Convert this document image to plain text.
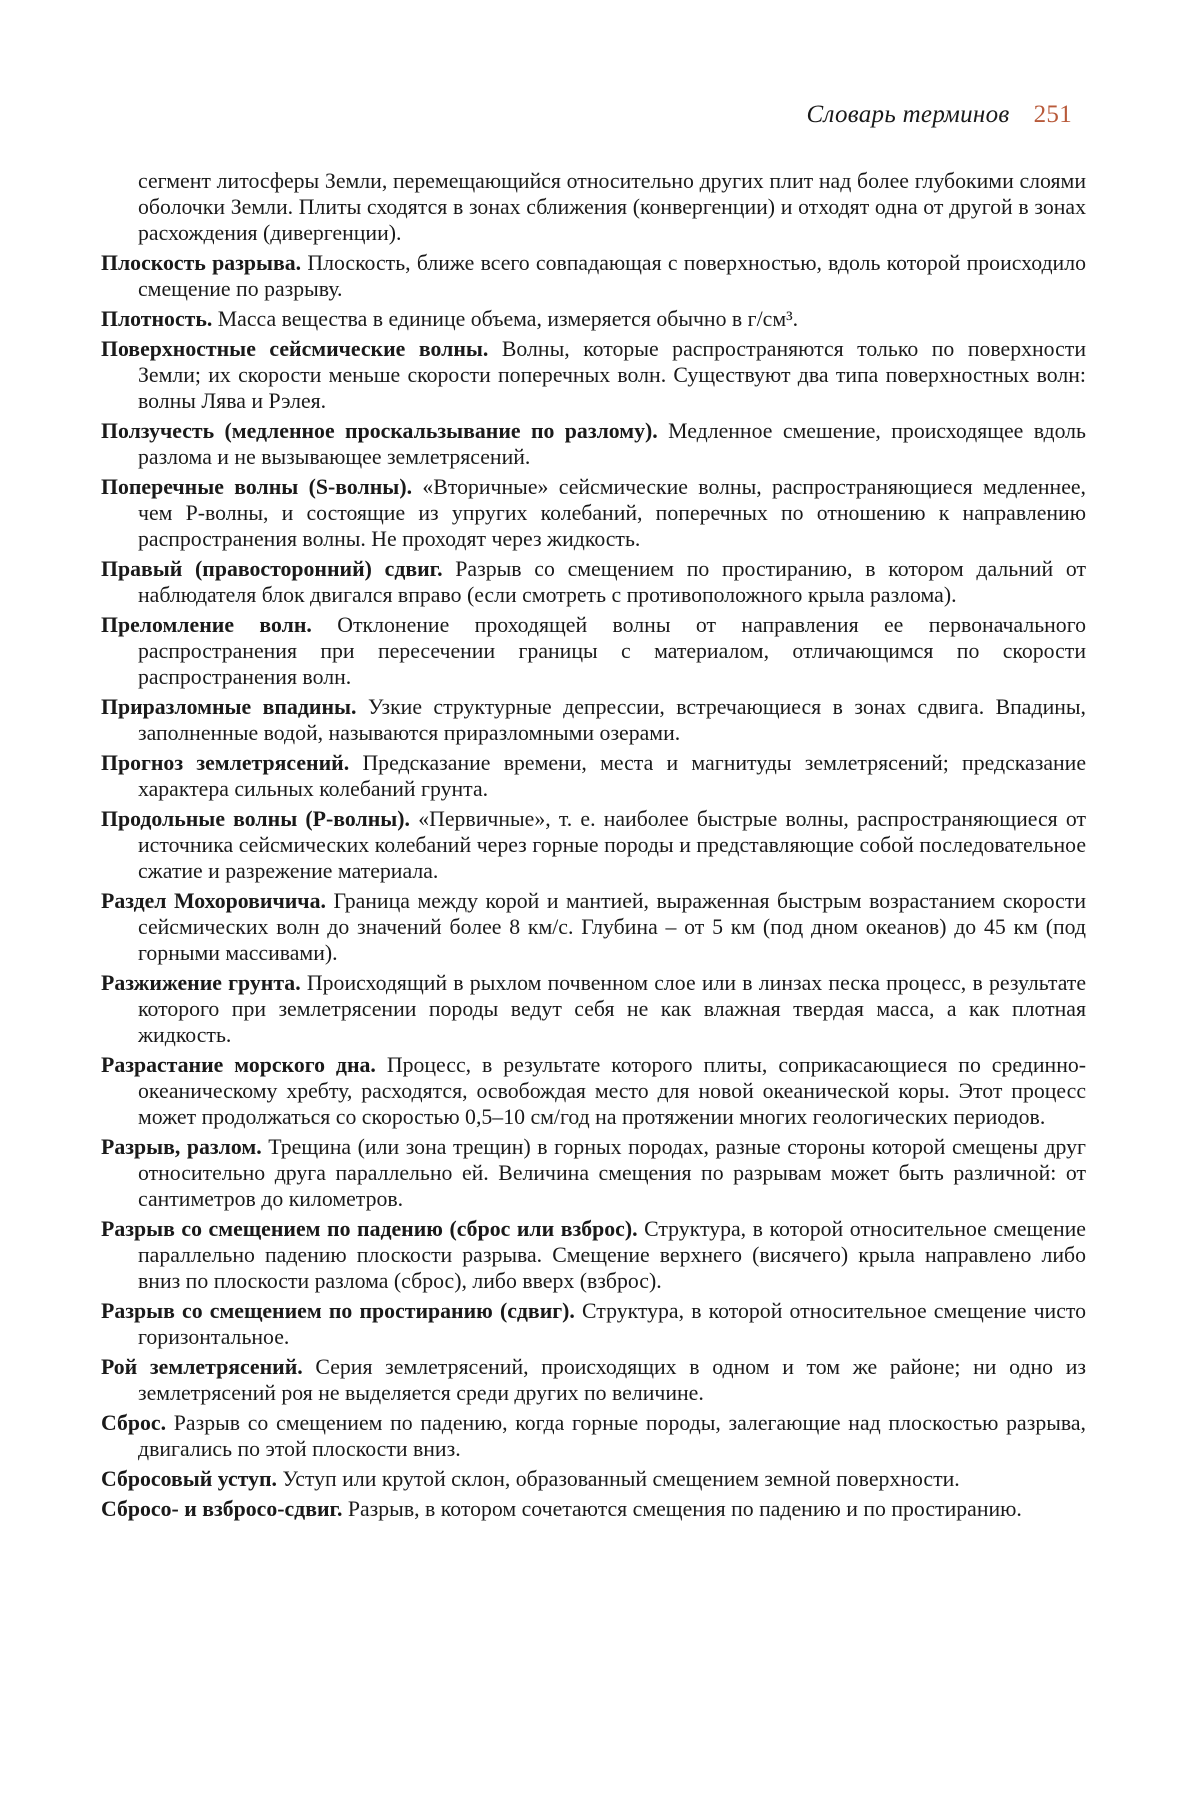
Словарь терминов 251

сегмент литосферы Земли, перемещающийся относительно других плит над более глубокими слоями оболочки Земли. Плиты сходятся в зонах сближения (конвергенции) и отходят одна от другой в зонах расхождения (дивергенции).

Плоскость разрыва. Плоскость, ближе всего совпадающая с поверхностью, вдоль которой происходило смещение по разрыву.

Плотность. Масса вещества в единице объема, измеряется обычно в г/см³.

Поверхностные сейсмические волны. Волны, которые распространяются только по поверхности Земли; их скорости меньше скорости поперечных волн. Существуют два типа поверхностных волн: волны Лява и Рэлея.

Ползучесть (медленное проскальзывание по разлому). Медленное смешение, происходящее вдоль разлома и не вызывающее землетрясений.

Поперечные волны (S-волны). «Вторичные» сейсмические волны, распространяющиеся медленнее, чем P-волны, и состоящие из упругих колебаний, поперечных по отношению к направлению распространения волны. Не проходят через жидкость.

Правый (правосторонний) сдвиг. Разрыв со смещением по простиранию, в котором дальний от наблюдателя блок двигался вправо (если смотреть с противоположного крыла разлома).

Преломление волн. Отклонение проходящей волны от направления ее первоначального распространения при пересечении границы с материалом, отличающимся по скорости распространения волн.

Приразломные впадины. Узкие структурные депрессии, встречающиеся в зонах сдвига. Впадины, заполненные водой, называются приразломными озерами.

Прогноз землетрясений. Предсказание времени, места и магнитуды землетрясений; предсказание характера сильных колебаний грунта.

Продольные волны (P-волны). «Первичные», т. е. наиболее быстрые волны, распространяющиеся от источника сейсмических колебаний через горные породы и представляющие собой последовательное сжатие и разрежение материала.

Раздел Мохоровичича. Граница между корой и мантией, выраженная быстрым возрастанием скорости сейсмических волн до значений более 8 км/с. Глубина – от 5 км (под дном океанов) до 45 км (под горными массивами).

Разжижение грунта. Происходящий в рыхлом почвенном слое или в линзах песка процесс, в результате которого при землетрясении породы ведут себя не как влажная твердая масса, а как плотная жидкость.

Разрастание морского дна. Процесс, в результате которого плиты, соприкасающиеся по срединно-океаническому хребту, расходятся, освобождая место для новой океанической коры. Этот процесс может продолжаться со скоростью 0,5–10 см/год на протяжении многих геологических периодов.

Разрыв, разлом. Трещина (или зона трещин) в горных породах, разные стороны которой смещены друг относительно друга параллельно ей. Величина смещения по разрывам может быть различной: от сантиметров до километров.

Разрыв со смещением по падению (сброс или взброс). Структура, в которой относительное смещение параллельно падению плоскости разрыва. Смещение верхнего (висячего) крыла направлено либо вниз по плоскости разлома (сброс), либо вверх (взброс).

Разрыв со смещением по простиранию (сдвиг). Структура, в которой относительное смещение чисто горизонтальное.

Рой землетрясений. Серия землетрясений, происходящих в одном и том же районе; ни одно из землетрясений роя не выделяется среди других по величине.

Сброс. Разрыв со смещением по падению, когда горные породы, залегающие над плоскостью разрыва, двигались по этой плоскости вниз.

Сбросовый уступ. Уступ или крутой склон, образованный смещением земной поверхности.

Сбросо- и взбросо-сдвиг. Разрыв, в котором сочетаются смещения по падению и по простиранию.
